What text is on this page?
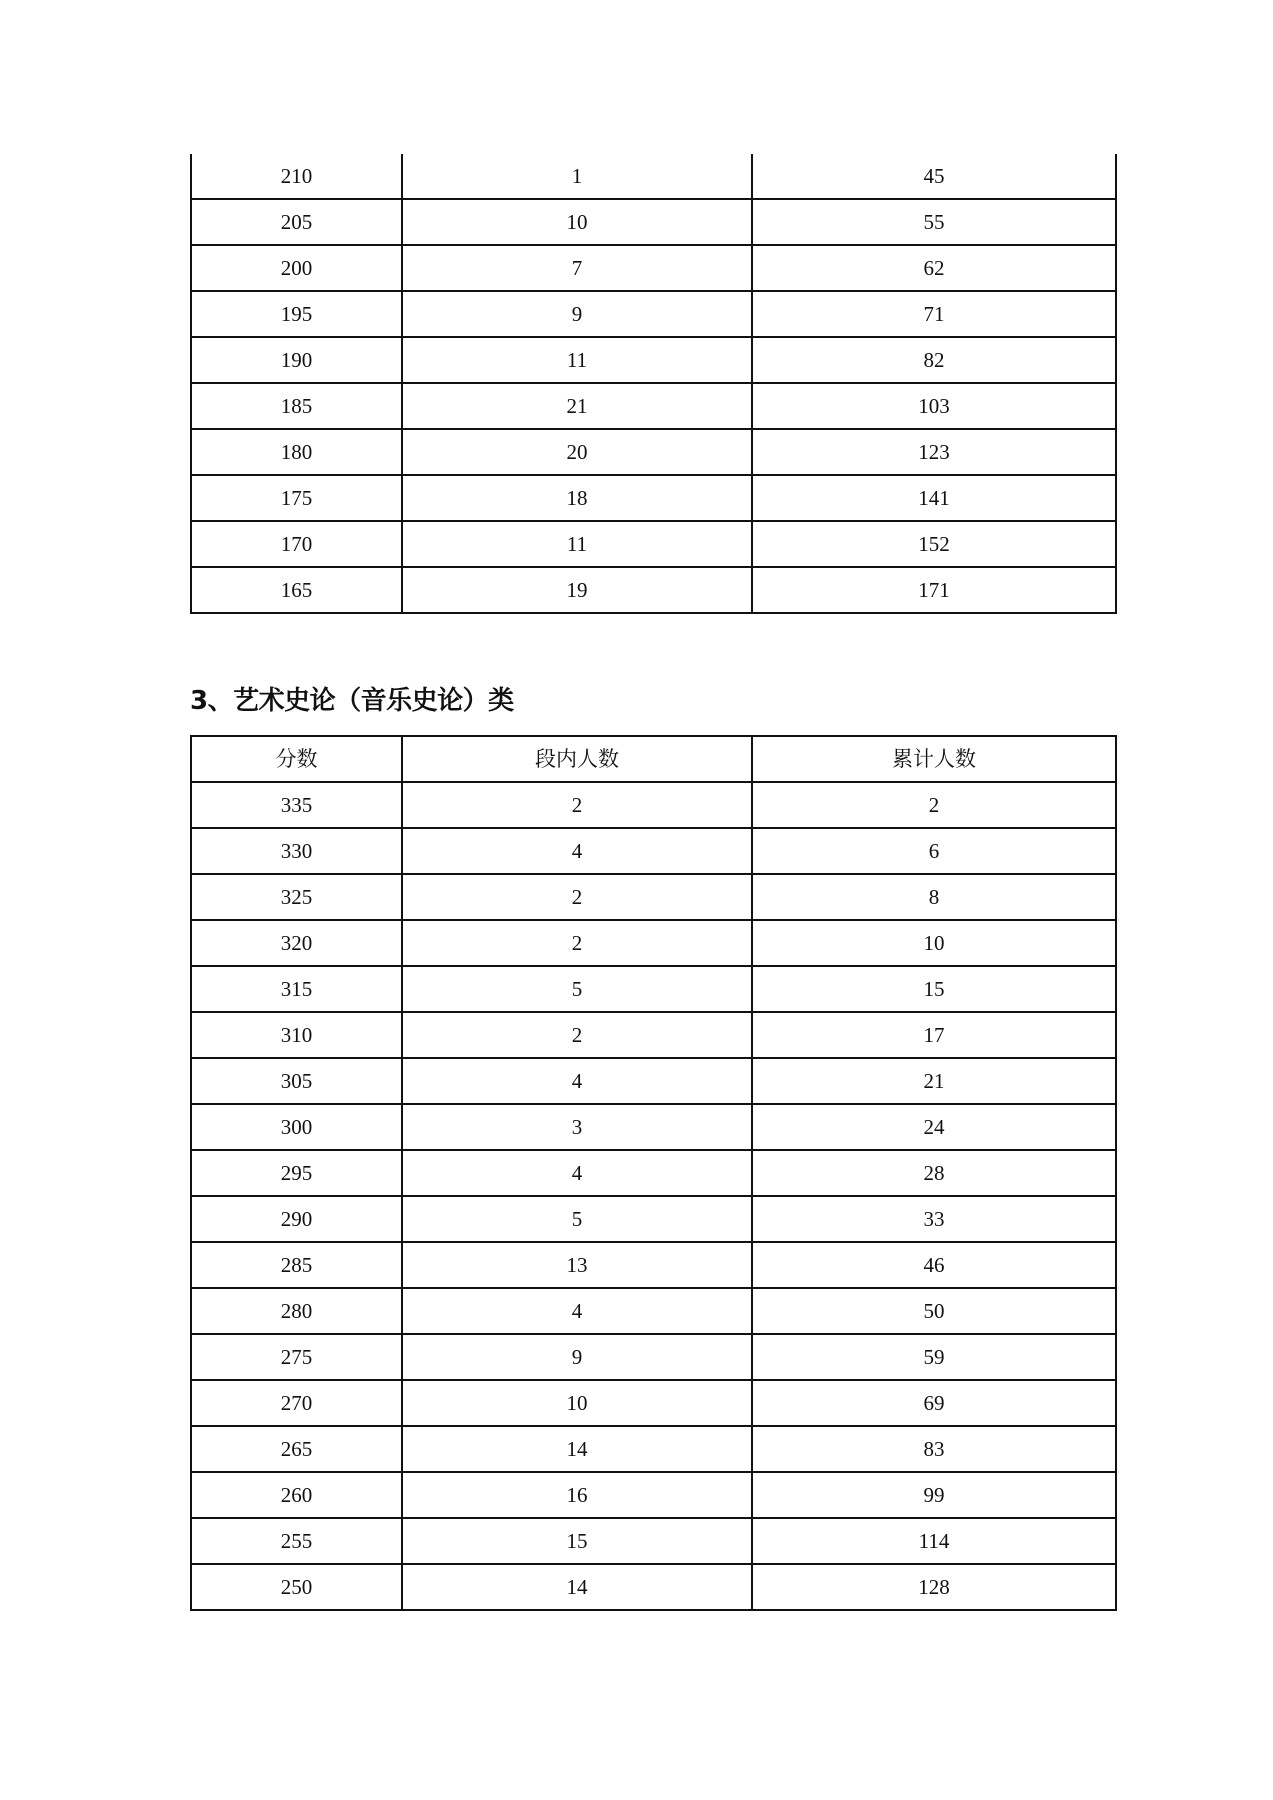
210	1	45
205	10	55
200	7	62
195	9	71
190	11	82
185	21	103
180	20	123
175	18	141
170	11	152
165	19	171
3、艺术史论（音乐史论）类
分数	段内人数	累计人数
335	2	2
330	4	6
325	2	8
320	2	10
315	5	15
310	2	17
305	4	21
300	3	24
295	4	28
290	5	33
285	13	46
280	4	50
275	9	59
270	10	69
265	14	83
260	16	99
255	15	114
250	14	128
